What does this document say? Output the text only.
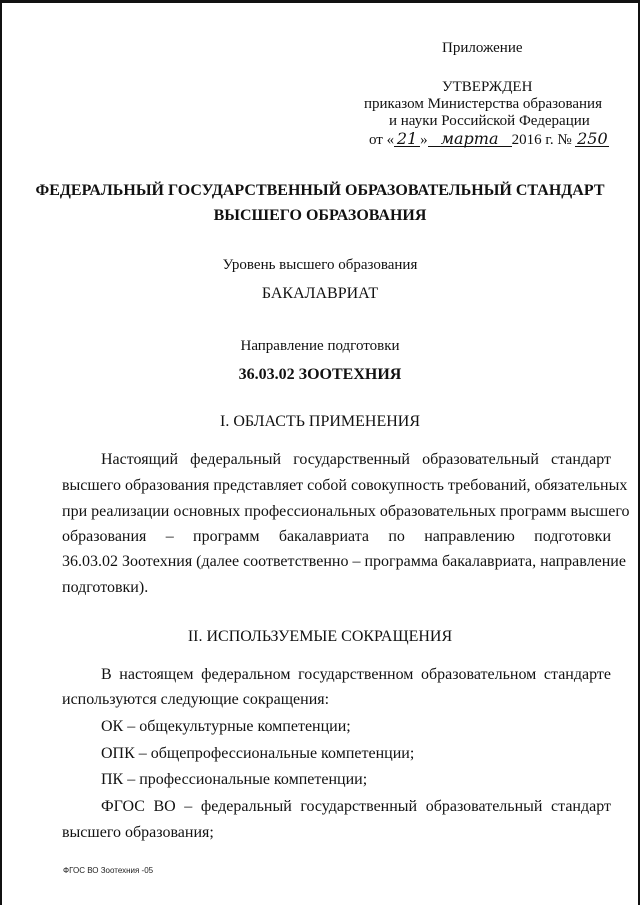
Приложение
УТВЕРЖДЕН
приказом Министерства образования
и науки Российской Федерации
от « 21 » марта 2016 г. № 250
ФЕДЕРАЛЬНЫЙ ГОСУДАРСТВЕННЫЙ ОБРАЗОВАТЕЛЬНЫЙ СТАНДАРТ
ВЫСШЕГО ОБРАЗОВАНИЯ
Уровень высшего образования
БАКАЛАВРИАТ
Направление подготовки
36.03.02 ЗООТЕХНИЯ
I. ОБЛАСТЬ ПРИМЕНЕНИЯ
Настоящий федеральный государственный образовательный стандарт
высшего образования представляет собой совокупность требований, обязательных
при реализации основных профессиональных образовательных программ высшего
образования – программ бакалавриата по направлению подготовки
36.03.02 Зоотехния (далее соответственно – программа бакалавриата, направление
подготовки).
II. ИСПОЛЬЗУЕМЫЕ СОКРАЩЕНИЯ
В настоящем федеральном государственном образовательном стандарте
используются следующие сокращения:
ОК – общекультурные компетенции;
ОПК – общепрофессиональные компетенции;
ПК – профессиональные компетенции;
ФГОС ВО – федеральный государственный образовательный стандарт
высшего образования;
ФГОС ВО Зоотехния -05
